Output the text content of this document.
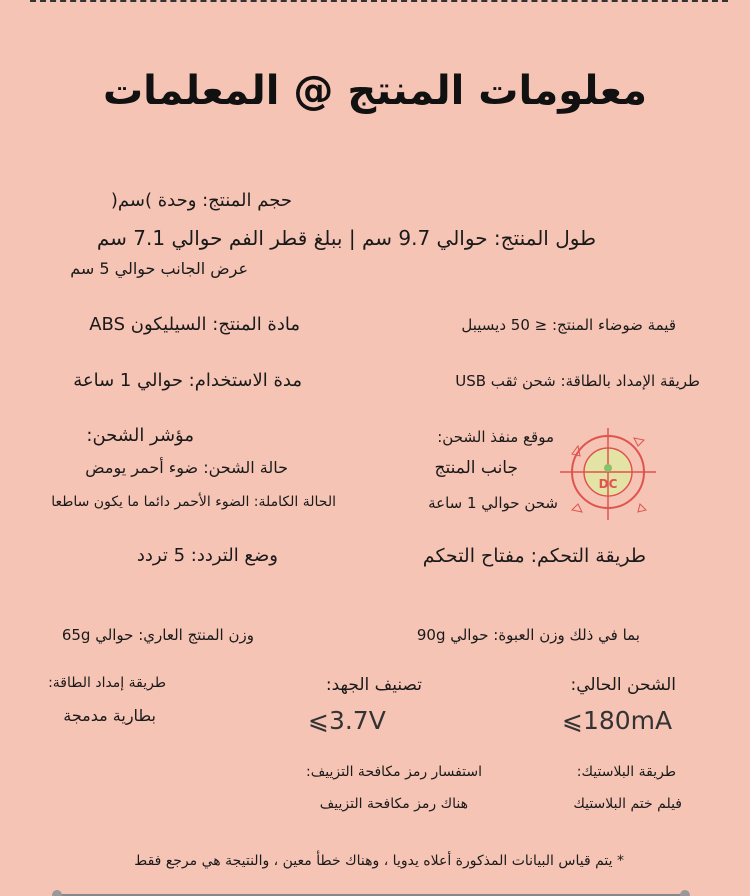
معلومات المنتج @ المعلمات
حجم المنتج: وحدة )سم(
طول المنتج: حوالي 9.7 سم | ببلغ قطر الفم حوالي 7.1 سم
عرض الجانب حوالي 5 سم
مادة المنتج: السيليكون ABS	قيمة ضوضاء المنتج: ≤ 50 ديسيبل
مدة الاستخدام: حوالي 1 ساعة	طريقة الإمداد بالطاقة: شحن ثقب USB
مؤشر الشحن:
حالة الشحن: ضوء أحمر يومض
الحالة الكاملة: الضوء الأحمر دائما ما يكون ساطعا
موقع منفذ الشحن:
جانب المنتج
شحن حوالي 1 ساعة
DC
وضع التردد: 5 تردد	طريقة التحكم: مفتاح التحكم
وزن المنتج العاري: حوالي 65g	بما في ذلك وزن العبوة: حوالي 90g
طريقة إمداد الطاقة:
بطارية مدمجة
تصنيف الجهد:
⩽3.7V
الشحن الحالي:
⩽180mA
استفسار رمز مكافحة التزييف:
هناك رمز مكافحة التزييف
طريقة البلاستيك:
فيلم ختم البلاستيك
* يتم قياس البيانات المذكورة أعلاه يدويا ، وهناك خطأ معين ، والنتيجة هي مرجع فقط
